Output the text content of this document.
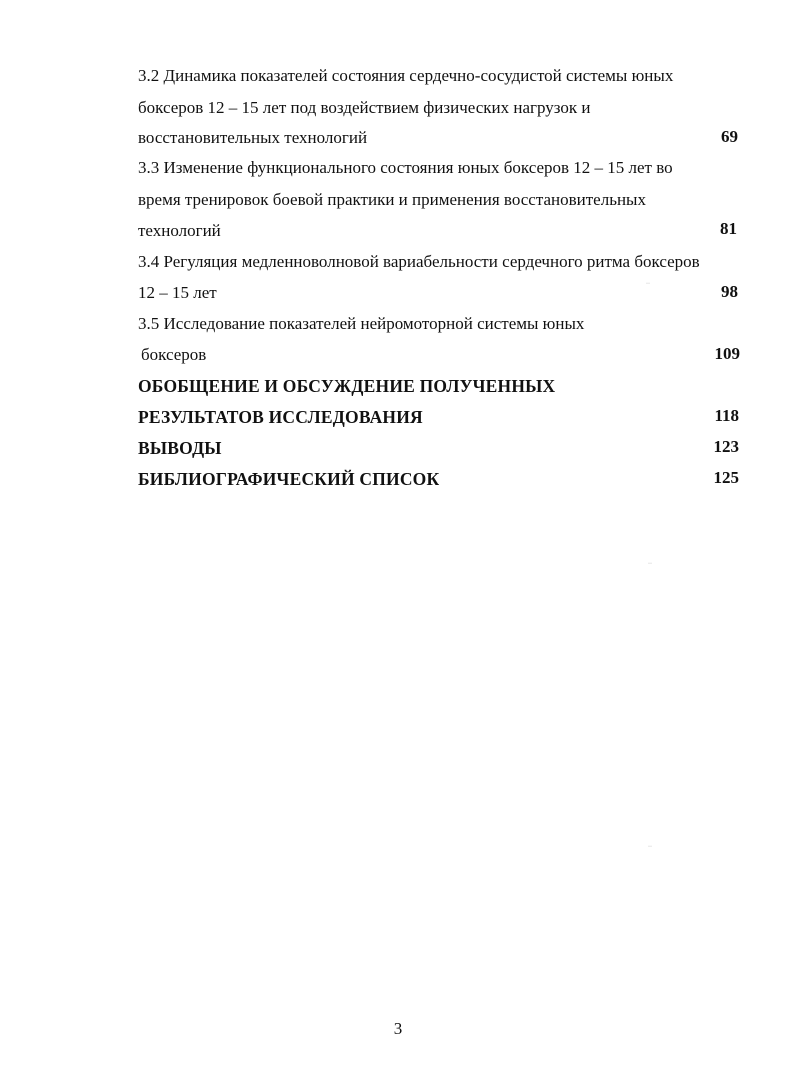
3.2 Динамика показателей состояния сердечно-сосудистой системы юных
боксеров 12 – 15 лет под воздействием физических нагрузок и
восстановительных технологий	69
3.3 Изменение функционального состояния юных боксеров 12 – 15 лет во
время тренировок боевой практики и применения восстановительных
технологий	81
3.4 Регуляция медленноволновой вариабельности сердечного ритма боксеров
12 – 15 лет	98
3.5 Исследование показателей нейромоторной системы юных
боксеров	109
ОБОБЩЕНИЕ И ОБСУЖДЕНИЕ ПОЛУЧЕННЫХ
РЕЗУЛЬТАТОВ ИССЛЕДОВАНИЯ	118
ВЫВОДЫ	123
БИБЛИОГРАФИЧЕСКИЙ СПИСОК	125
··
··
··
3
